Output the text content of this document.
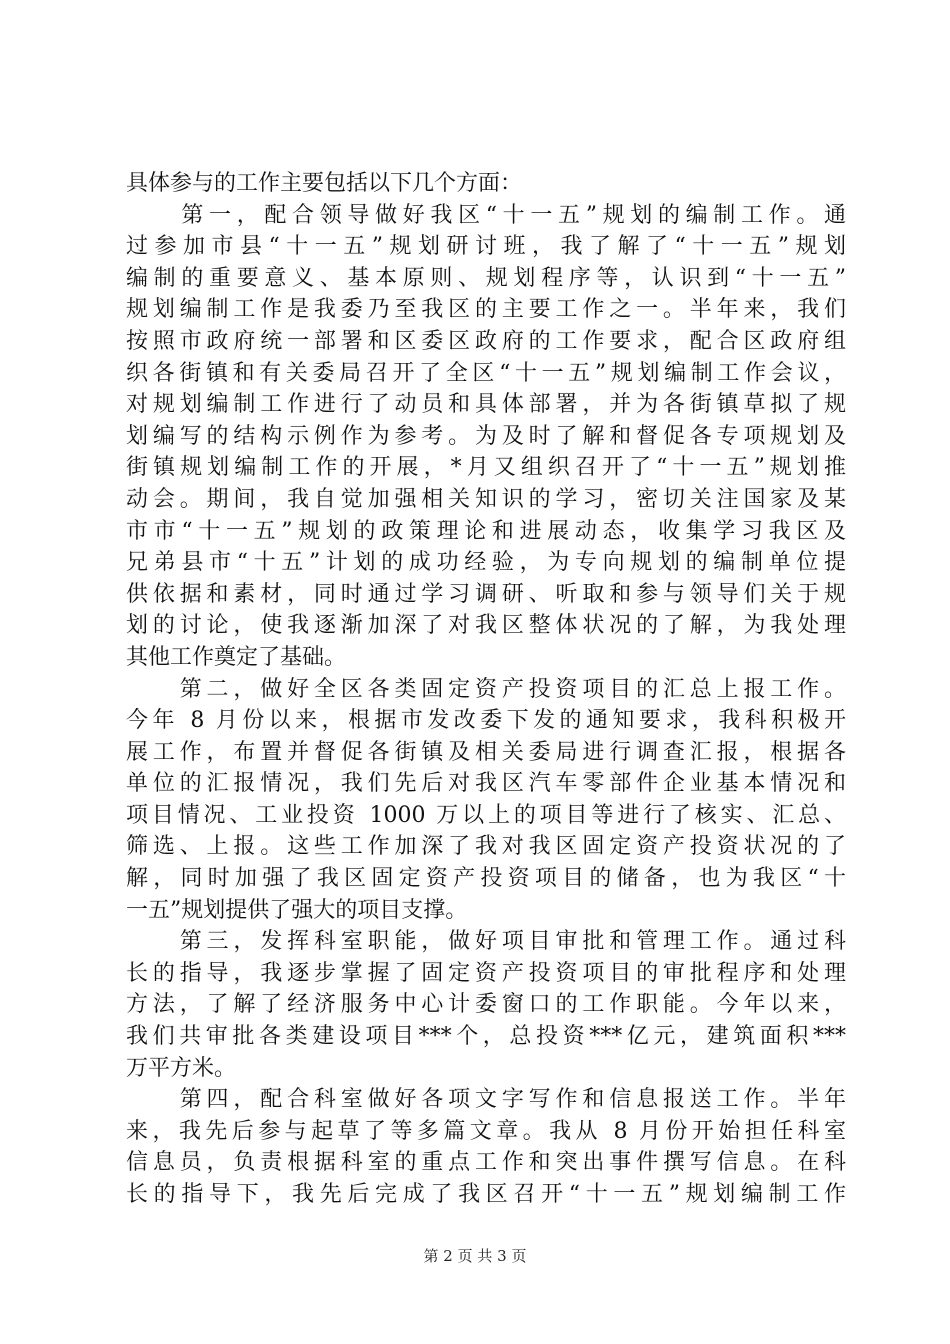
具体参与的工作主要包括以下几个方面：
　　第一，配合领导做好我区“十一五”规划的编制工作。通
过参加市县“十一五”规划研讨班，我了解了“十一五”规划
编制的重要意义、基本原则、规划程序等，认识到“十一五”
规划编制工作是我委乃至我区的主要工作之一。半年来，我们
按照市政府统一部署和区委区政府的工作要求，配合区政府组
织各街镇和有关委局召开了全区“十一五”规划编制工作会议，
对规划编制工作进行了动员和具体部署，并为各街镇草拟了规
划编写的结构示例作为参考。为及时了解和督促各专项规划及
街镇规划编制工作的开展，*月又组织召开了“十一五”规划推
动会。期间，我自觉加强相关知识的学习，密切关注国家及某
市市“十一五”规划的政策理论和进展动态，收集学习我区及
兄弟县市“十五”计划的成功经验，为专向规划的编制单位提
供依据和素材，同时通过学习调研、听取和参与领导们关于规
划的讨论，使我逐渐加深了对我区整体状况的了解，为我处理
其他工作奠定了基础。
　　第二，做好全区各类固定资产投资项目的汇总上报工作。
今年 8 月份以来，根据市发改委下发的通知要求，我科积极开
展工作，布置并督促各街镇及相关委局进行调查汇报，根据各
单位的汇报情况，我们先后对我区汽车零部件企业基本情况和
项目情况、工业投资 1000 万以上的项目等进行了核实、汇总、
筛选、上报。这些工作加深了我对我区固定资产投资状况的了
解，同时加强了我区固定资产投资项目的储备，也为我区“十
一五”规划提供了强大的项目支撑。
　　第三，发挥科室职能，做好项目审批和管理工作。通过科
长的指导，我逐步掌握了固定资产投资项目的审批程序和处理
方法，了解了经济服务中心计委窗口的工作职能。今年以来，
我们共审批各类建设项目***个，总投资***亿元，建筑面积***
万平方米。
　　第四，配合科室做好各项文字写作和信息报送工作。半年
来，我先后参与起草了等多篇文章。我从 8 月份开始担任科室
信息员，负责根据科室的重点工作和突出事件撰写信息。在科
长的指导下，我先后完成了我区召开“十一五”规划编制工作
第 2 页 共 3 页
